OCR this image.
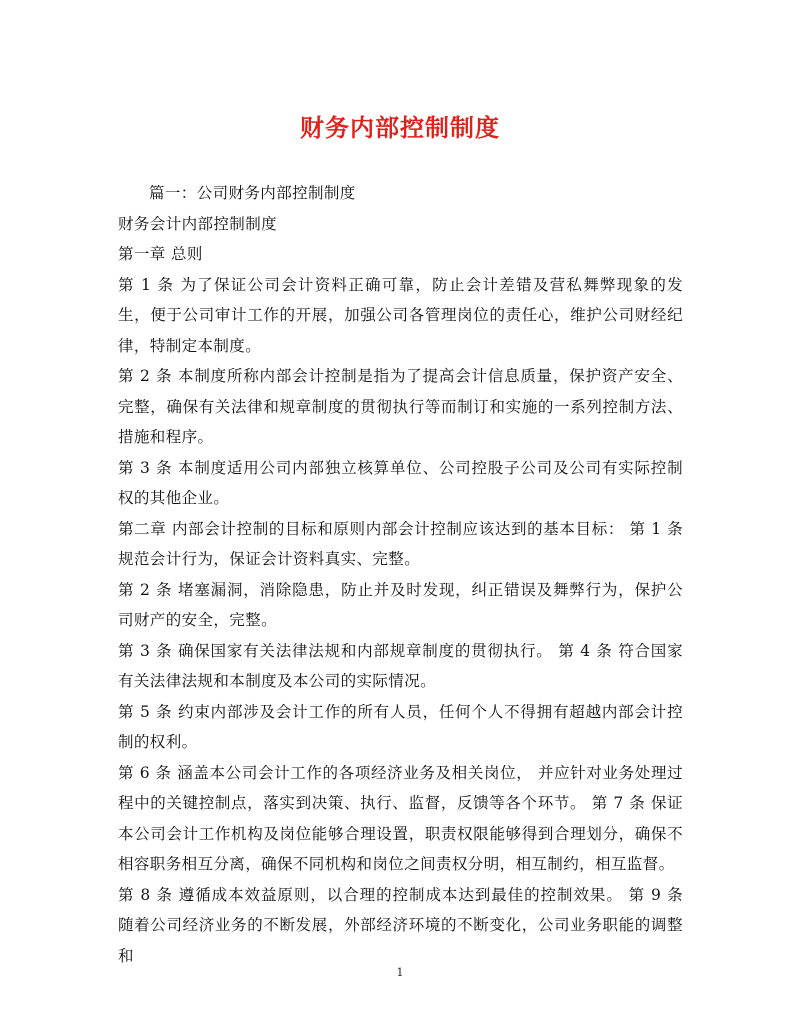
财务内部控制制度

篇一：公司财务内部控制制度

财务会计内部控制制度

第一章 总则

第 1 条 为了保证公司会计资料正确可靠，防止会计差错及营私舞弊现象的发生，便于公司审计工作的开展，加强公司各管理岗位的责任心，维护公司财经纪律，特制定本制度。

第 2 条 本制度所称内部会计控制是指为了提高会计信息质量，保护资产安全、完整，确保有关法律和规章制度的贯彻执行等而制订和实施的一系列控制方法、措施和程序。

第 3 条 本制度适用公司内部独立核算单位、公司控股子公司及公司有实际控制权的其他企业。

第二章 内部会计控制的目标和原则内部会计控制应该达到的基本目标： 第 1 条 规范会计行为，保证会计资料真实、完整。

第 2 条 堵塞漏洞，消除隐患，防止并及时发现，纠正错误及舞弊行为，保护公司财产的安全，完整。

第 3 条 确保国家有关法律法规和内部规章制度的贯彻执行。 第 4 条 符合国家有关法律法规和本制度及本公司的实际情况。

第 5 条 约束内部涉及会计工作的所有人员，任何个人不得拥有超越内部会计控制的权利。

第 6 条 涵盖本公司会计工作的各项经济业务及相关岗位， 并应针对业务处理过程中的关键控制点，落实到决策、执行、监督，反馈等各个环节。 第 7 条 保证本公司会计工作机构及岗位能够合理设置，职责权限能够得到合理划分，确保不相容职务相互分离，确保不同机构和岗位之间责权分明，相互制约，相互监督。

第 8 条 遵循成本效益原则，以合理的控制成本达到最佳的控制效果。 第 9 条 随着公司经济业务的不断发展，外部经济环境的不断变化，公司业务职能的调整和

1
